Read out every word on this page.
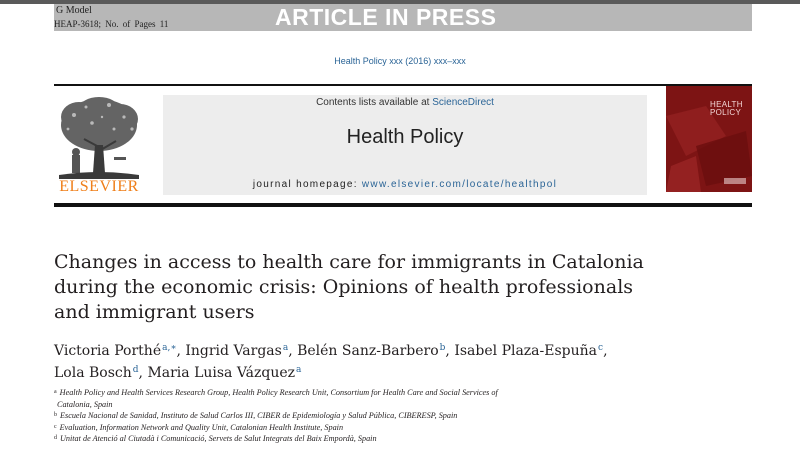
G Model
HEAP-3618; No. of Pages 11	ARTICLE IN PRESS
Health Policy xxx (2016) xxx–xxx
ELSEVIER
Contents lists available at ScienceDirect
Health Policy
journal homepage: www.elsevier.com/locate/healthpol
HEALTH
POLICY
Changes in access to health care for immigrants in Catalonia
during the economic crisis: Opinions of health professionals
and immigrant users
Victoria Porthé$^{a,∗}$, Ingrid Vargas$^a$, Belén Sanz-Barbero$^b$, Isabel Plaza-Espuña$^c$,
Lola Bosch$^d$, Maria Luisa Vázquez$^a$
$^a$ Health Policy and Health Services Research Group, Health Policy Research Unit, Consortium for Health Care and Social Services of
Catalonia, Spain
$^b$ Escuela Nacional de Sanidad, Instituto de Salud Carlos III, CIBER de Epidemiología y Salud Pública, CIBERESP, Spain
$^c$ Evaluation, Information Network and Quality Unit, Catalonian Health Institute, Spain
$^d$ Unitat de Atenció al Ciutadà i Comunicació, Servets de Salut Integrats del Baix Empordà, Spain
